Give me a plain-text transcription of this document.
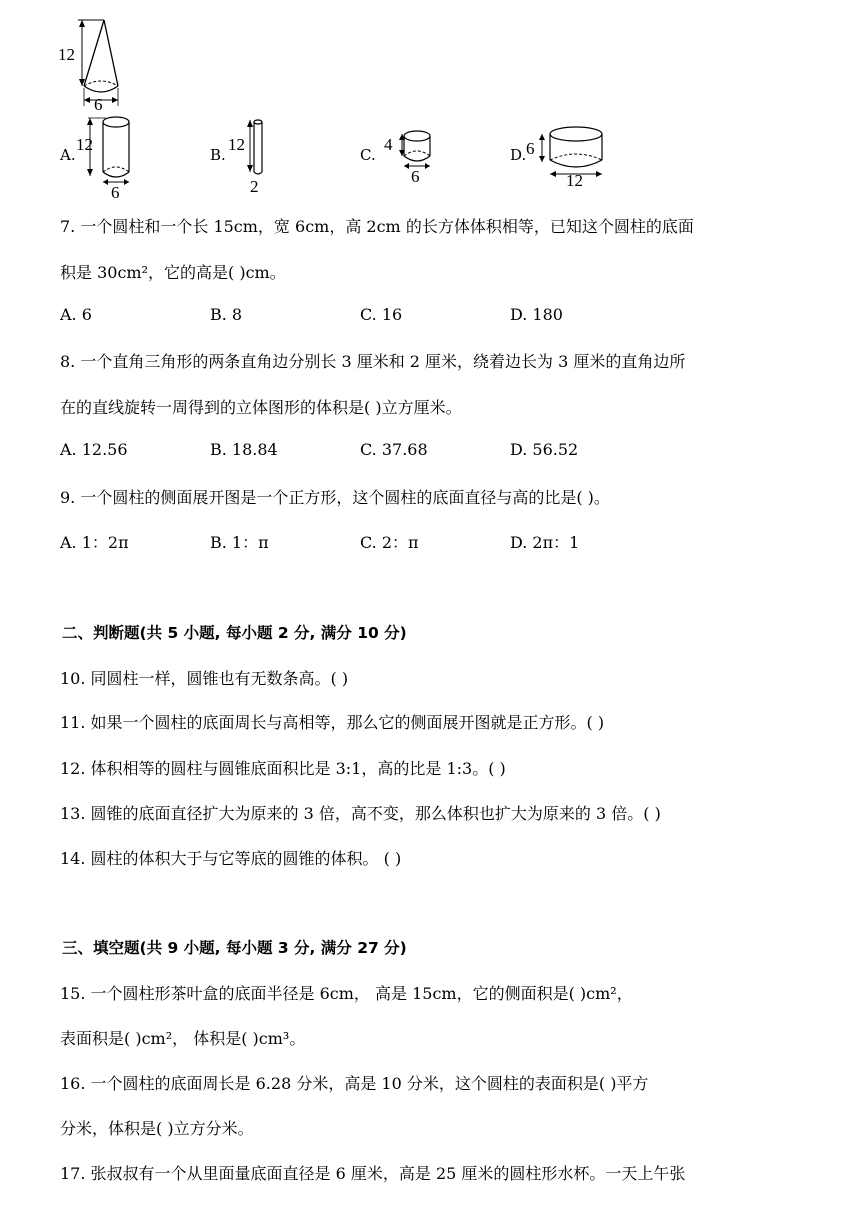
12
6
A.
12
6
B.
12
2
C.
4
6
D. 6
12
7. 一个圆柱和一个长 15cm，宽 6cm，高 2cm 的长方体体积相等，已知这个圆柱的底面
积是 30cm²，它的高是( )cm。
A. 6	B. 8	C. 16	D. 180
8. 一个直角三角形的两条直角边分别长 3 厘米和 2 厘米，绕着边长为 3 厘米的直角边所
在的直线旋转一周得到的立体图形的体积是( )立方厘米。
A. 12.56	B. 18.84	C. 37.68	D. 56.52
9. 一个圆柱的侧面展开图是一个正方形，这个圆柱的底面直径与高的比是( )。
A. 1：2π	B. 1：π	C. 2：π	D. 2π：1
二、判断题(共 5 小题, 每小题 2 分, 满分 10 分)
10. 同圆柱一样，圆锥也有无数条高。( )
11. 如果一个圆柱的底面周长与高相等，那么它的侧面展开图就是正方形。( )
12. 体积相等的圆柱与圆锥底面积比是 3:1，高的比是 1:3。( )
13. 圆锥的底面直径扩大为原来的 3 倍，高不变，那么体积也扩大为原来的 3 倍。( )
14. 圆柱的体积大于与它等底的圆锥的体积。 ( )
三、填空题(共 9 小题, 每小题 3 分, 满分 27 分)
15. 一个圆柱形茶叶盒的底面半径是 6cm， 高是 15cm，它的侧面积是( )cm²，
表面积是( )cm²， 体积是( )cm³。
16. 一个圆柱的底面周长是 6.28 分米，高是 10 分米，这个圆柱的表面积是( )平方
分米，体积是( )立方分米。
17. 张叔叔有一个从里面量底面直径是 6 厘米，高是 25 厘米的圆柱形水杯。一天上午张
